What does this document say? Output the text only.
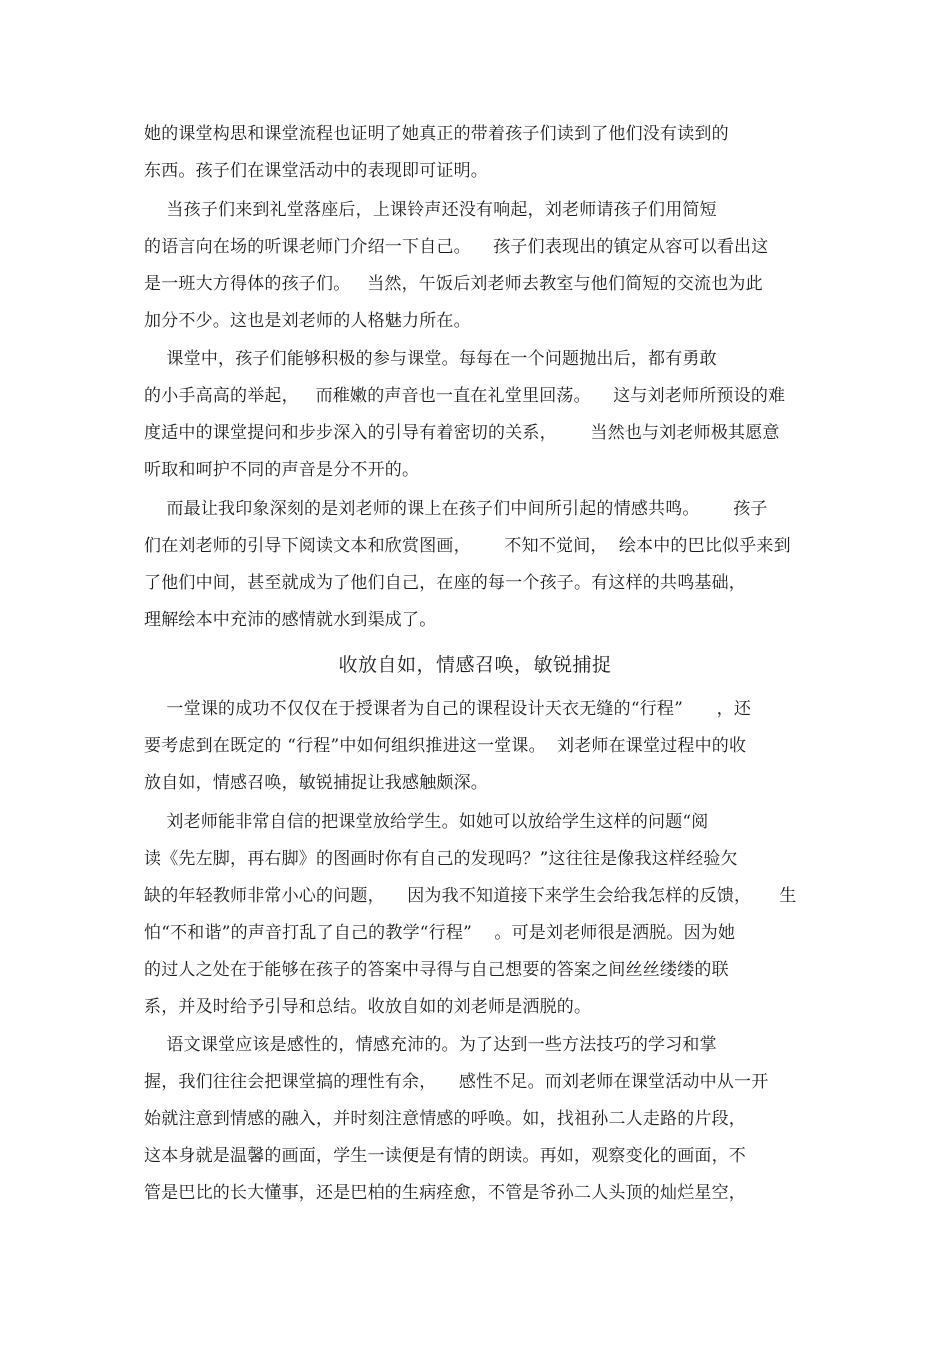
她的课堂构思和课堂流程也证明了她真正的带着孩子们读到了他们没有读到的
东西。孩子们在课堂活动中的表现即可证明。
当孩子们来到礼堂落座后，上课铃声还没有响起，刘老师请孩子们用简短
的语言向在场的听课老师门介绍一下自己。    孩子们表现出的镇定从容可以看出这
是一班大方得体的孩子们。   当然，午饭后刘老师去教室与他们简短的交流也为此
加分不少。这也是刘老师的人格魅力所在。
课堂中，孩子们能够积极的参与课堂。每每在一个问题抛出后，都有勇敢
的小手高高的举起，   而稚嫩的声音也一直在礼堂里回荡。    这与刘老师所预设的难
度适中的课堂提问和步步深入的引导有着密切的关系，      当然也与刘老师极其愿意
听取和呵护不同的声音是分不开的。
而最让我印象深刻的是刘老师的课上在孩子们中间所引起的情感共鸣。      孩子
们在刘老师的引导下阅读文本和欣赏图画，      不知不觉间，  绘本中的巴比似乎来到
了他们中间，甚至就成为了他们自己，在座的每一个孩子。有这样的共鸣基础，
理解绘本中充沛的感情就水到渠成了。
收放自如，情感召唤，敏锐捕捉
一堂课的成功不仅仅在于授课者为自己的课程设计天衣无缝的“行程”      ，还
要考虑到在既定的 “行程”中如何组织推进这一堂课。  刘老师在课堂过程中的收
放自如，情感召唤，敏锐捕捉让我感触颇深。
刘老师能非常自信的把课堂放给学生。如她可以放给学生这样的问题“阅
读《先左脚，再右脚》的图画时你有自己的发现吗？”这往往是像我这样经验欠
缺的年轻教师非常小心的问题，    因为我不知道接下来学生会给我怎样的反馈，     生
怕“不和谐”的声音打乱了自己的教学“行程”    。可是刘老师很是洒脱。因为她
的过人之处在于能够在孩子的答案中寻得与自己想要的答案之间丝丝缕缕的联
系，并及时给予引导和总结。收放自如的刘老师是洒脱的。
语文课堂应该是感性的，情感充沛的。为了达到一些方法技巧的学习和掌
握，我们往往会把课堂搞的理性有余，    感性不足。而刘老师在课堂活动中从一开
始就注意到情感的融入，并时刻注意情感的呼唤。如，找祖孙二人走路的片段，
这本身就是温馨的画面，学生一读便是有情的朗读。再如，观察变化的画面，不
管是巴比的长大懂事，还是巴柏的生病痊愈，不管是爷孙二人头顶的灿烂星空，
